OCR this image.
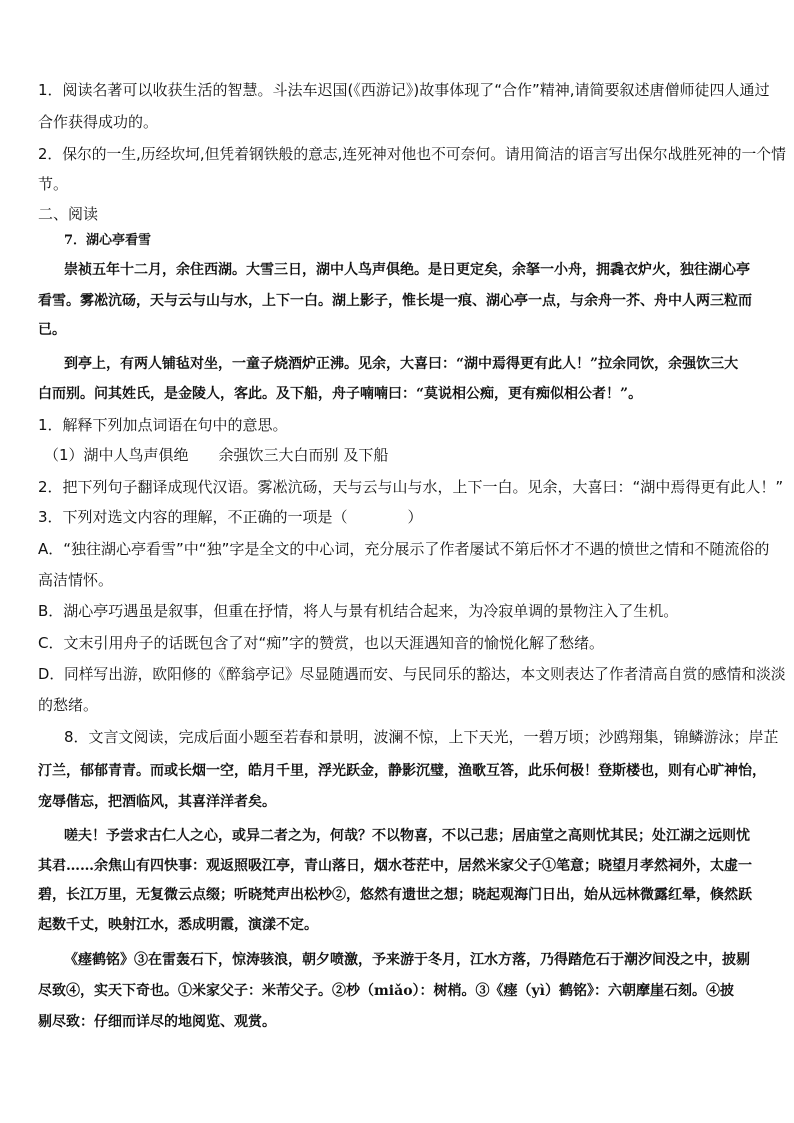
1．阅读名著可以收获生活的智慧。斗法车迟国(《西游记》)故事体现了“合作”精神,请简要叙述唐僧师徒四人通过
合作获得成功的。
2．保尔的一生,历经坎坷,但凭着钢铁般的意志,连死神对他也不可奈何。请用简洁的语言写出保尔战胜死神的一个情
节。
二、阅读
7．湖心亭看雪
崇祯五年十二月，余住西湖。大雪三日，湖中人鸟声俱绝。是日更定矣，余拏一小舟，拥毳衣炉火，独往湖心亭
看雪。雾凇沆砀，天与云与山与水，上下一白。湖上影子，惟长堤一痕、湖心亭一点，与余舟一芥、舟中人两三粒而
已。
到亭上，有两人铺毡对坐，一童子烧酒炉正沸。见余，大喜曰：“湖中焉得更有此人！”拉余同饮，余强饮三大
白而别。问其姓氏，是金陵人，客此。及下船，舟子喃喃曰：“莫说相公痴，更有痴似相公者！”。
1．解释下列加点词语在句中的意思。
（1）湖中人鸟声俱绝　　余强饮三大白而别 及下船
2．把下列句子翻译成现代汉语。雾凇沆砀，天与云与山与水，上下一白。见余，大喜曰：“湖中焉得更有此人！”
3．下列对选文内容的理解，不正确的一项是（　　　　）
A．“独往湖心亭看雪”中“独”字是全文的中心词，充分展示了作者屡试不第后怀才不遇的愤世之情和不随流俗的
高洁情怀。
B．湖心亭巧遇虽是叙事，但重在抒情，将人与景有机结合起来，为冷寂单调的景物注入了生机。
C．文末引用舟子的话既包含了对“痴”字的赞赏，也以天涯遇知音的愉悦化解了愁绪。
D．同样写出游，欧阳修的《醉翁亭记》尽显随遇而安、与民同乐的豁达，本文则表达了作者清高自赏的感情和淡淡
的愁绪。
8．文言文阅读，完成后面小题至若春和景明，波澜不惊，上下天光，一碧万顷；沙鸥翔集，锦鳞游泳；岸芷
汀兰，郁郁青青。而或长烟一空，皓月千里，浮光跃金，静影沉璧，渔歌互答，此乐何极！登斯楼也，则有心旷神怡，
宠辱偕忘，把酒临风，其喜洋洋者矣。
嗟夫！予尝求古仁人之心，或异二者之为，何哉？不以物喜，不以己悲；居庙堂之高则忧其民；处江湖之远则忧
其君……余焦山有四快事：观返照吸江亭，青山落日，烟水苍茫中，居然米家父子①笔意；晓望月孝然祠外，太虚一
碧，长江万里，无复微云点缀；听晓梵声出松杪②，悠然有遗世之想；晓起观海门日出，始从远林微露红晕，倏然跃
起数千丈，映射江水，悉成明霞，演漾不定。
《瘗鹤铭》③在雷轰石下，惊涛骇浪，朝夕喷激，予来游于冬月，江水方落，乃得踏危石于潮汐间没之中，披剔
尽致④，实天下奇也。①米家父子：米芾父子。②杪（miǎo）：树梢。③《瘗（yì）鹤铭》：六朝摩崖石刻。④披
剔尽致：仔细而详尽的地阅览、观赏。
